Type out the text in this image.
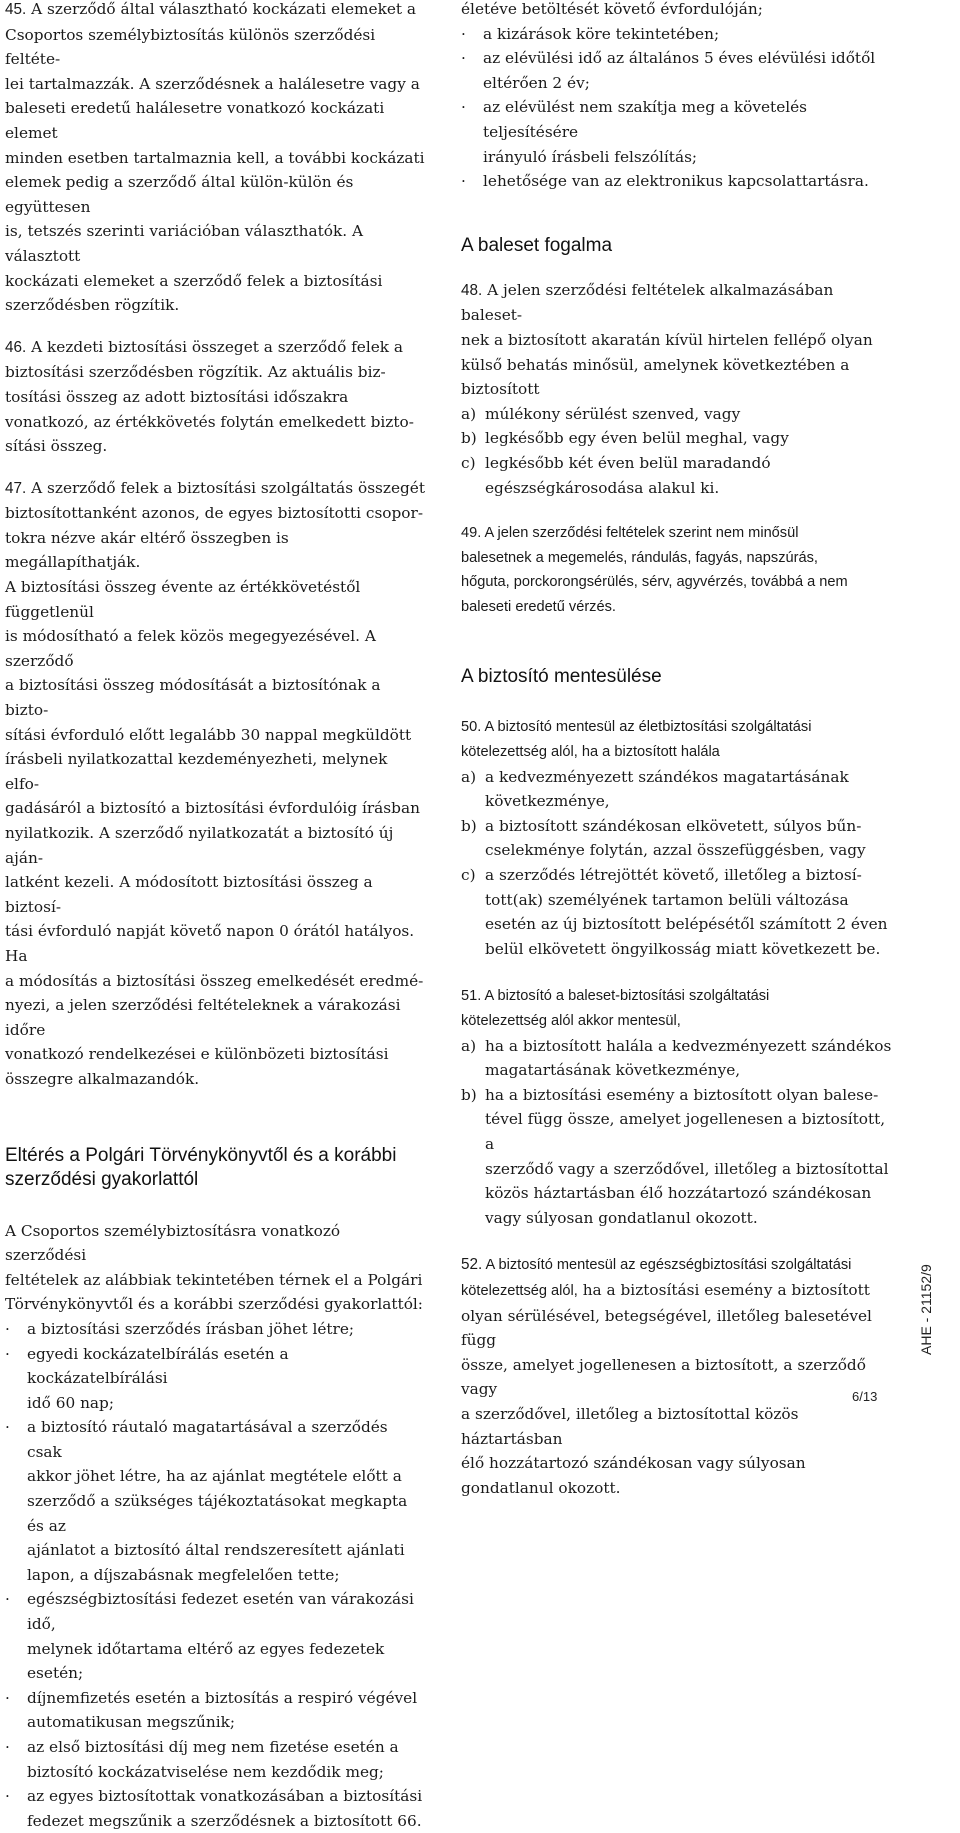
45. A szerződő által választható kockázati elemeket a
Csoportos személybiztosítás különös szerződési feltéte-
lei tartalmazzák. A szerződésnek a halálesetre vagy a
baleseti eredetű halálesetre vonatkozó kockázati elemet
minden esetben tartalmaznia kell, a további kockázati
elemek pedig a szerződő által külön-külön és együttesen
is, tetszés szerinti variációban választhatók. A választott
kockázati elemeket a szerződő felek a biztosítási
szerződésben rögzítik.

46. A kezdeti biztosítási összeget a szerződő felek a
biztosítási szerződésben rögzítik. Az aktuális biz-
tosítási összeg az adott biztosítási időszakra
vonatkozó, az értékkövetés folytán emelkedett bizto-
sítási összeg.

47. A szerződő felek a biztosítási szolgáltatás összegét
biztosítottanként azonos, de egyes biztosítotti csopor-
tokra nézve akár eltérő összegben is megállapíthatják.
A biztosítási összeg évente az értékkövetéstől függetlenül
is módosítható a felek közös megegyezésével. A szerződő
a biztosítási összeg módosítását a biztosítónak a bizto-
sítási évforduló előtt legalább 30 nappal megküldött
írásbeli nyilatkozattal kezdeményezheti, melynek elfo-
gadásáról a biztosító a biztosítási évfordulóig írásban
nyilatkozik. A szerződő nyilatkozatát a biztosító új aján-
latként kezeli. A módosított biztosítási összeg a biztosí-
tási évforduló napját követő napon 0 órától hatályos. Ha
a módosítás a biztosítási összeg emelkedését eredmé-
nyezi, a jelen szerződési feltételeknek a várakozási időre
vonatkozó rendelkezései e különbözeti biztosítási
összegre alkalmazandók.

Eltérés a Polgári Törvénykönyvtől és a korábbi
szerződési gyakorlattól

A Csoportos személybiztosításra vonatkozó szerződési
feltételek az alábbiak tekintetében térnek el a Polgári
Törvénykönyvtől és a korábbi szerződési gyakorlattól:

· a biztosítási szerződés írásban jöhet létre;
· egyedi kockázatelbírálás esetén a kockázatelbírálási
idő 60 nap;
· a biztosító ráutaló magatartásával a szerződés csak
akkor jöhet létre, ha az ajánlat megtétele előtt a
szerződő a szükséges tájékoztatásokat megkapta és az
ajánlatot a biztosító által rendszeresített ajánlati
lapon, a díjszabásnak megfelelően tette;
· egészségbiztosítási fedezet esetén van várakozási idő,
melynek időtartama eltérő az egyes fedezetek esetén;
· díjnemfizetés esetén a biztosítás a respiró végével
automatikusan megszűnik;
· az első biztosítási díj meg nem fizetése esetén a
biztosító kockázatviselése nem kezdődik meg;
· az egyes biztosítottak vonatkozásában a biztosítási
fedezet megszűnik a szerződésnek a biztosított 66.

életéve betöltését követő évfordulóján;

· a kizárások köre tekintetében;
· az elévülési idő az általános 5 éves elévülési időtől
eltérően 2 év;
· az elévülést nem szakítja meg a követelés teljesítésére
irányuló írásbeli felszólítás;
· lehetősége van az elektronikus kapcsolattartásra.
A baleset fogalma

48. A jelen szerződési feltételek alkalmazásában baleset-
nek a biztosított akaratán kívül hirtelen fellépő olyan
külső behatás minősül, amelynek következtében a
biztosított

a) múlékony sérülést szenved, vagy
b) legkésőbb egy éven belül meghal, vagy
c) legkésőbb két éven belül maradandó
egészségkárosodása alakul ki.

49. A jelen szerződési feltételek szerint nem minősül
balesetnek a megemelés, rándulás, fagyás, napszúrás,
hőguta, porckorongsérülés, sérv, agyvérzés, továbbá a nem
baleseti eredetű vérzés.

A biztosító mentesülése

50. A biztosító mentesül az életbiztosítási szolgáltatási
kötelezettség alól, ha a biztosított halála

a) a kedvezményezett szándékos magatartásának
következménye,
b) a biztosított szándékosan elkövetett, súlyos bűn-
cselekménye folytán, azzal összefüggésben, vagy
c) a szerződés létrejöttét követő, illetőleg a biztosí-
tott(ak) személyének tartamon belüli változása
esetén az új biztosított belépésétől számított 2 éven
belül elkövetett öngyilkosság miatt következett be.

51. A biztosító a baleset-biztosítási szolgáltatási
kötelezettség alól akkor mentesül,

a) ha a biztosított halála a kedvezményezett szándékos
magatartásának következménye,
b) ha a biztosítási esemény a biztosított olyan balese-
tével függ össze, amelyet jogellenesen a biztosított, a
szerződő vagy a szerződővel, illetőleg a biztosítottal
közös háztartásban élő hozzátartozó szándékosan
vagy súlyosan gondatlanul okozott.

52. A biztosító mentesül az egészségbiztosítási szolgáltatási
kötelezettség alól, ha a biztosítási eseménу a biztosított
olyan sérülésével, betegségével, illetőleg balesetével függ
össze, amelyet jogellenesen a biztosított, a szerződő vagy
a szerződővel, illetőleg a biztosítottal közös háztartásban
élő hozzátartozó szándékosan vagy súlyosan
gondatlanul okozott.

AHE - 21152/9
6/13
